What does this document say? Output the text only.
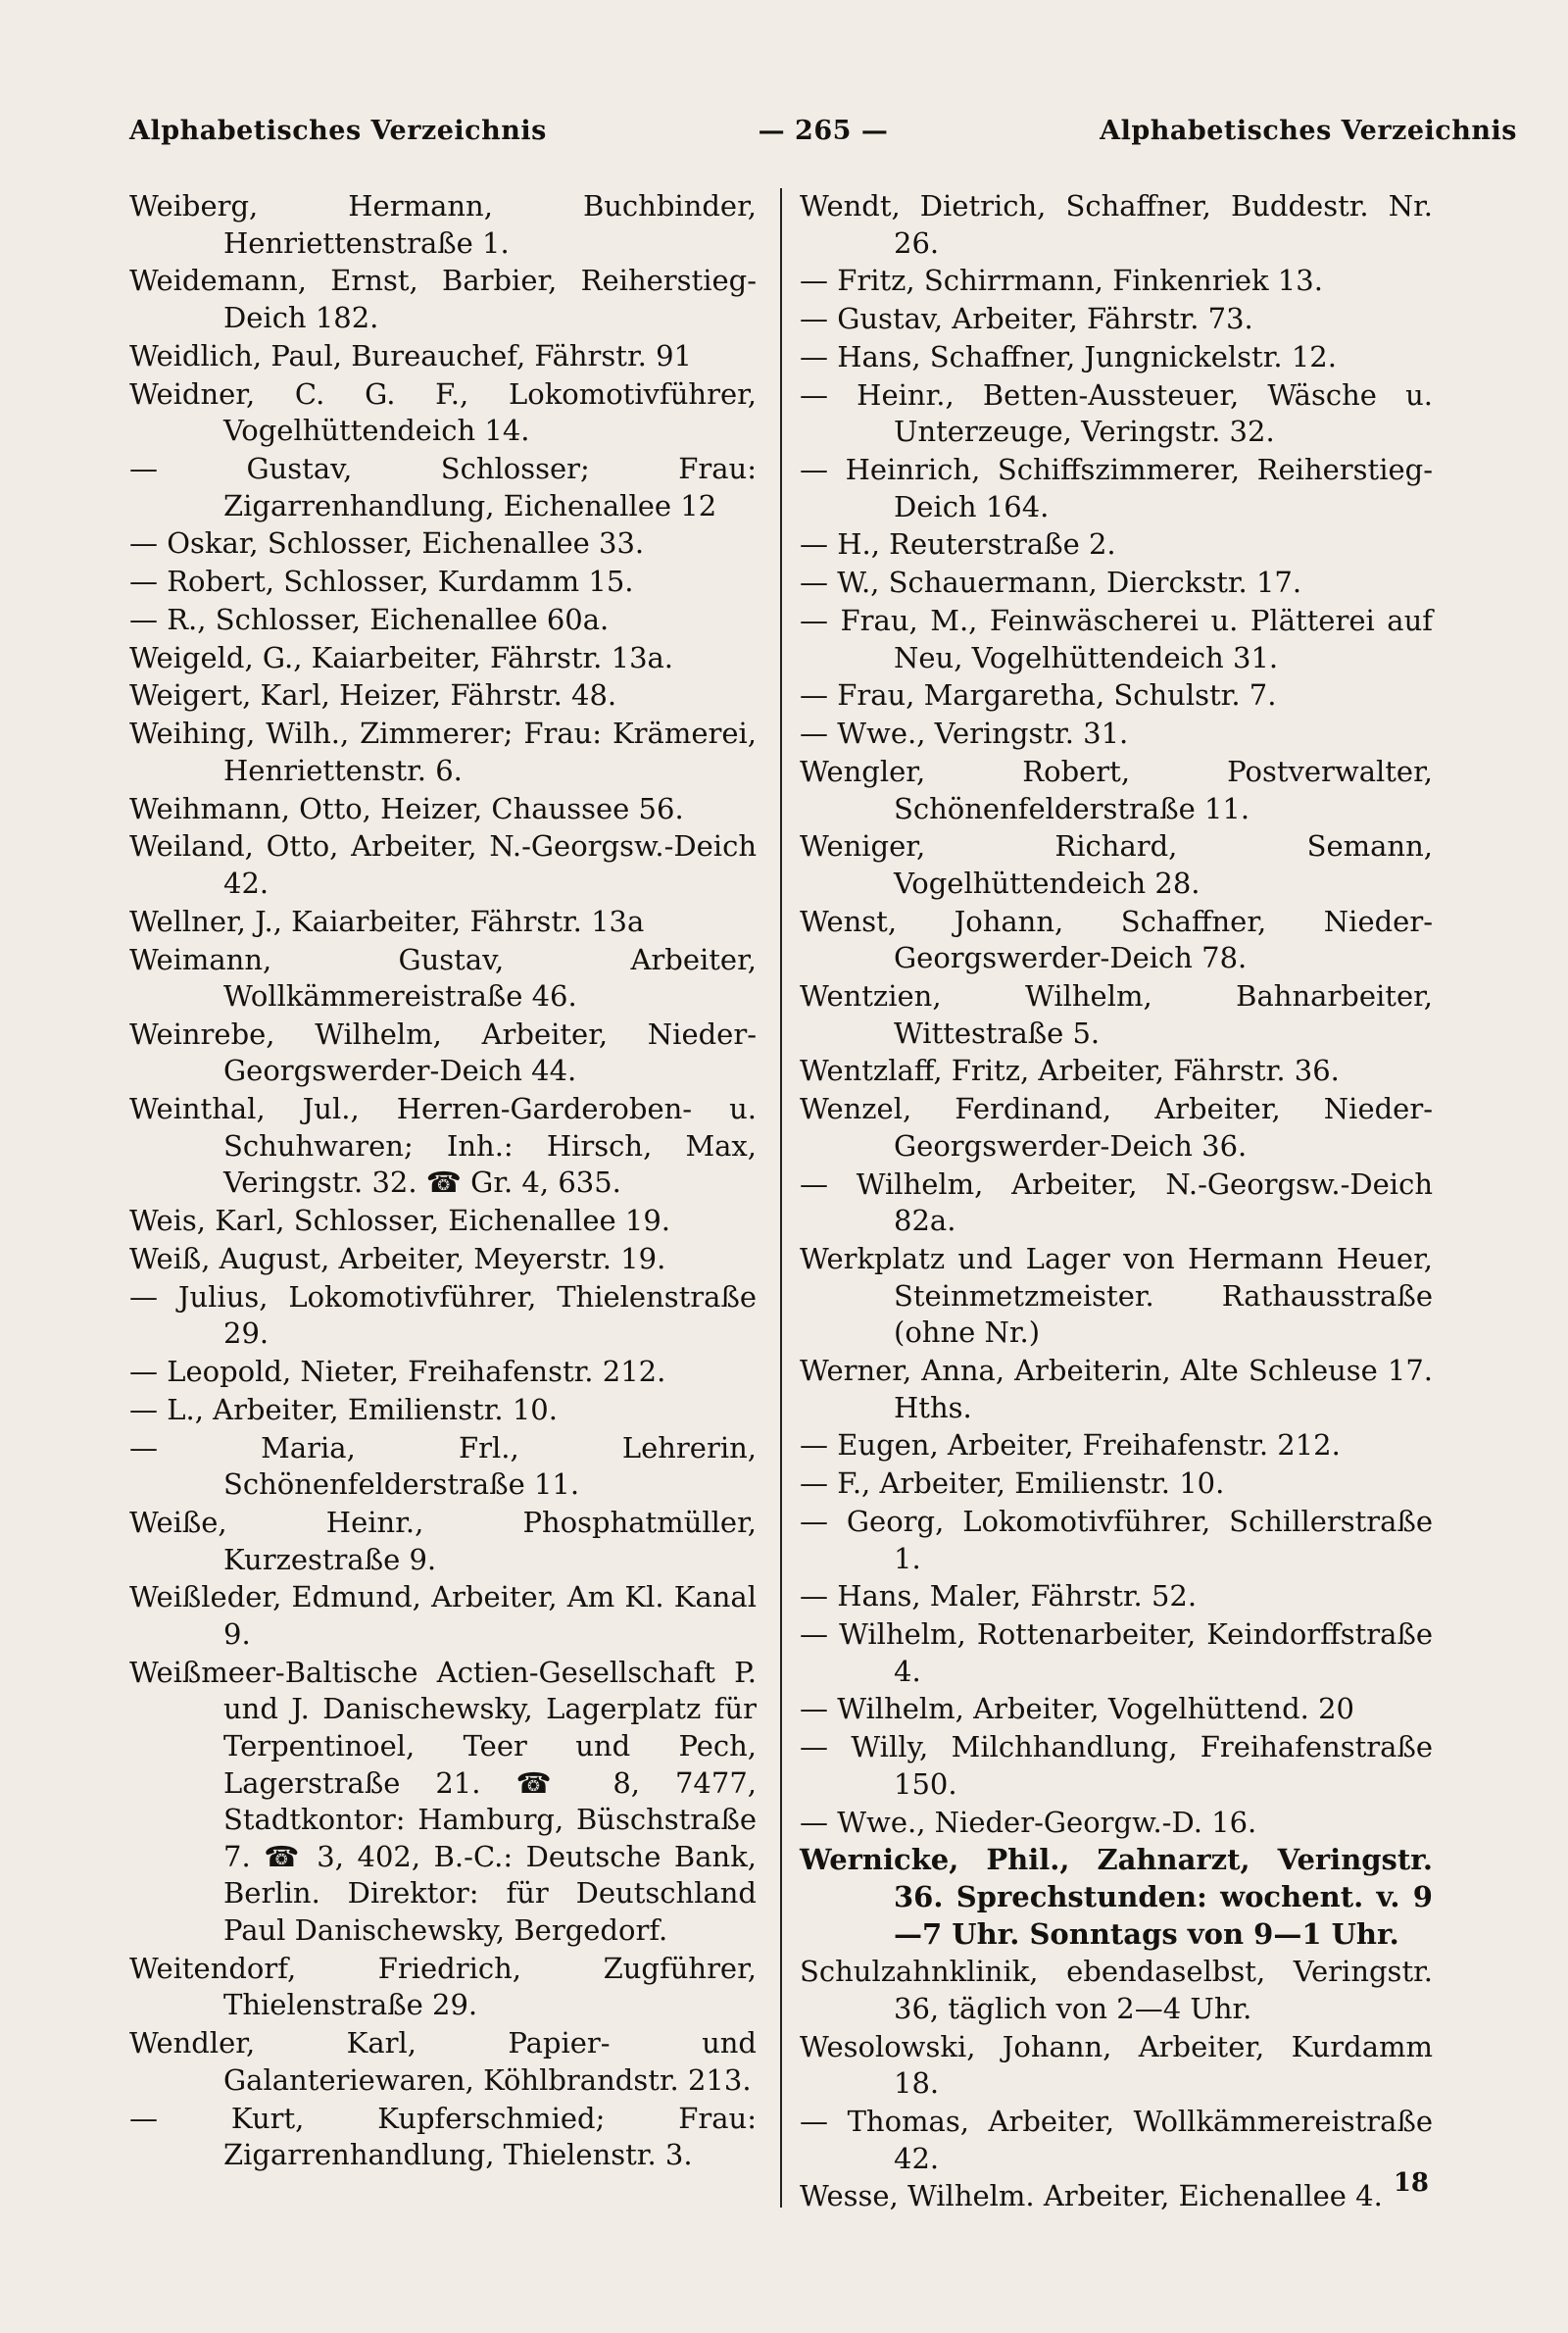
Alphabetisches Verzeichnis	— 265 —	Alphabetisches Verzeichnis
Weiberg, Hermann, Buchbinder, Henriettenstraße 1.
Weidemann, Ernst, Barbier, Reiherstieg-Deich 182.
Weidlich, Paul, Bureauchef, Fährstr. 91
Weidner, C. G. F., Lokomotivführer, Vogelhüttendeich 14.
— Gustav, Schlosser; Frau: Zigarrenhandlung, Eichenallee 12
— Oskar, Schlosser, Eichenallee 33.
— Robert, Schlosser, Kurdamm 15.
— R., Schlosser, Eichenallee 60a.
Weigeld, G., Kaiarbeiter, Fährstr. 13a.
Weigert, Karl, Heizer, Fährstr. 48.
Weihing, Wilh., Zimmerer; Frau: Krämerei, Henriettenstr. 6.
Weihmann, Otto, Heizer, Chaussee 56.
Weiland, Otto, Arbeiter, N.-Georgsw.-Deich 42.
Wellner, J., Kaiarbeiter, Fährstr. 13a
Weimann, Gustav, Arbeiter, Wollkämmereistraße 46.
Weinrebe, Wilhelm, Arbeiter, Nieder-Georgswerder-Deich 44.
Weinthal, Jul., Herren-Garderoben- u. Schuhwaren; Inh.: Hirsch, Max, Veringstr. 32. ☎ Gr. 4, 635.
Weis, Karl, Schlosser, Eichenallee 19.
Weiß, August, Arbeiter, Meyerstr. 19.
— Julius, Lokomotivführer, Thielenstraße 29.
— Leopold, Nieter, Freihafenstr. 212.
— L., Arbeiter, Emilienstr. 10.
— Maria, Frl., Lehrerin, Schönenfelderstraße 11.
Weiße, Heinr., Phosphatmüller, Kurzestraße 9.
Weißleder, Edmund, Arbeiter, Am Kl. Kanal 9.
Weißmeer-Baltische Actien-Gesellschaft P. und J. Danischewsky, Lagerplatz für Terpentinoel, Teer und Pech, Lagerstraße 21. ☎ 8, 7477, Stadtkontor: Hamburg, Büschstraße 7. ☎ 3, 402, B.-C.: Deutsche Bank, Berlin. Direktor: für Deutschland Paul Danischewsky, Bergedorf.
Weitendorf, Friedrich, Zugführer, Thielenstraße 29.
Wendler, Karl, Papier- und Galanteriewaren, Köhlbrandstr. 213.
— Kurt, Kupferschmied; Frau: Zigarrenhandlung, Thielenstr. 3.
Wendt, Dietrich, Schaffner, Buddestr. Nr. 26.
— Fritz, Schirrmann, Finkenriek 13.
— Gustav, Arbeiter, Fährstr. 73.
— Hans, Schaffner, Jungnickelstr. 12.
— Heinr., Betten-Aussteuer, Wäsche u. Unterzeuge, Veringstr. 32.
— Heinrich, Schiffszimmerer, Reiherstieg-Deich 164.
— H., Reuterstraße 2.
— W., Schauermann, Dierckstr. 17.
— Frau, M., Feinwäscherei u. Plätterei auf Neu, Vogelhüttendeich 31.
— Frau, Margaretha, Schulstr. 7.
— Wwe., Veringstr. 31.
Wengler, Robert, Postverwalter, Schönenfelderstraße 11.
Weniger, Richard, Semann, Vogelhüttendeich 28.
Wenst, Johann, Schaffner, Nieder-Georgswerder-Deich 78.
Wentzien, Wilhelm, Bahnarbeiter, Wittestraße 5.
Wentzlaff, Fritz, Arbeiter, Fährstr. 36.
Wenzel, Ferdinand, Arbeiter, Nieder-Georgswerder-Deich 36.
— Wilhelm, Arbeiter, N.-Georgsw.-Deich 82a.
Werkplatz und Lager von Hermann Heuer, Steinmetzmeister. Rathausstraße (ohne Nr.)
Werner, Anna, Arbeiterin, Alte Schleuse 17. Hths.
— Eugen, Arbeiter, Freihafenstr. 212.
— F., Arbeiter, Emilienstr. 10.
— Georg, Lokomotivführer, Schillerstraße 1.
— Hans, Maler, Fährstr. 52.
— Wilhelm, Rottenarbeiter, Keindorffstraße 4.
— Wilhelm, Arbeiter, Vogelhüttend. 20
— Willy, Milchhandlung, Freihafenstraße 150.
— Wwe., Nieder-Georgw.-D. 16.
Wernicke, Phil., Zahnarzt, Veringstr. 36. Sprechstunden: wochent. v. 9—7 Uhr. Sonntags von 9—1 Uhr.
Schulzahnklinik, ebendaselbst, Veringstr. 36, täglich von 2—4 Uhr.
Wesolowski, Johann, Arbeiter, Kurdamm 18.
— Thomas, Arbeiter, Wollkämmereistraße 42.
Wesse, Wilhelm. Arbeiter, Eichenallee 4. 18
